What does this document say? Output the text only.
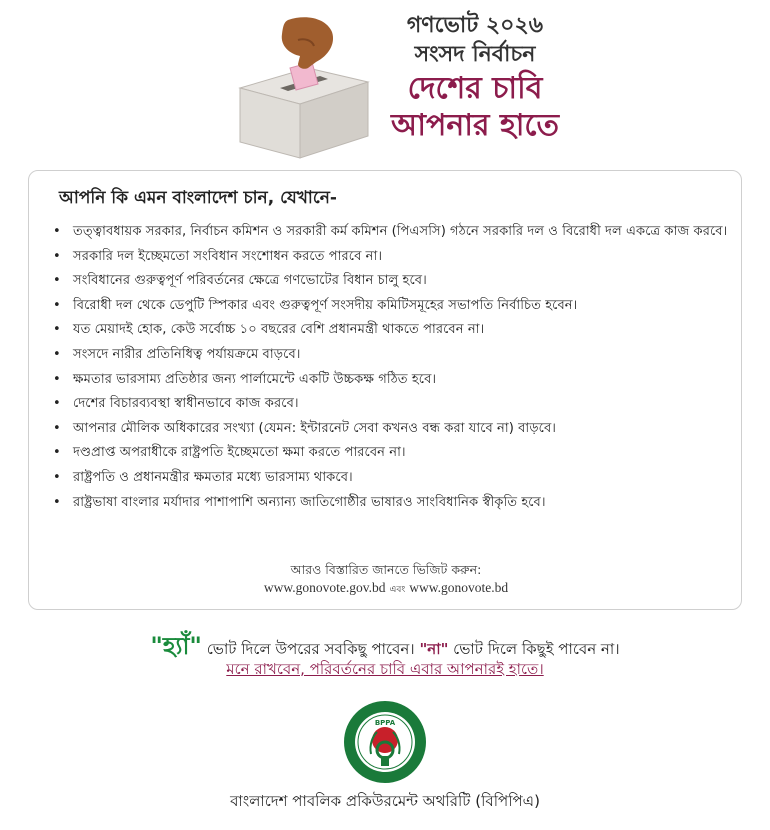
গণভোট ২০২৬
সংসদ নির্বাচন
দেশের চাবি
আপনার হাতে
আপনি কি এমন বাংলাদেশ চান, যেখানে-
• তত্ত্বাবধায়ক সরকার, নির্বাচন কমিশন ও সরকারী কর্ম কমিশন (পিএসসি) গঠনে সরকারি দল ও বিরোধী দল একত্রে কাজ করবে।
• সরকারি দল ইচ্ছেমতো সংবিধান সংশোধন করতে পারবে না।
• সংবিধানের গুরুত্বপূর্ণ পরিবর্তনের ক্ষেত্রে গণভোটের বিধান চালু হবে।
• বিরোধী দল থেকে ডেপুটি স্পিকার এবং গুরুত্বপূর্ণ সংসদীয় কমিটিসমূহের সভাপতি নির্বাচিত হবেন।
• যত মেয়াদই হোক, কেউ সর্বোচ্চ ১০ বছরের বেশি প্রধানমন্ত্রী থাকতে পারবেন না।
• সংসদে নারীর প্রতিনিধিত্ব পর্যায়ক্রমে বাড়বে।
• ক্ষমতার ভারসাম্য প্রতিষ্ঠার জন্য পার্লামেন্টে একটি উচ্চকক্ষ গঠিত হবে।
• দেশের বিচারব্যবস্থা স্বাধীনভাবে কাজ করবে।
• আপনার মৌলিক অধিকারের সংখ্যা (যেমন: ইন্টারনেট সেবা কখনও বন্ধ করা যাবে না) বাড়বে।
• দণ্ডপ্রাপ্ত অপরাধীকে রাষ্ট্রপতি ইচ্ছেমতো ক্ষমা করতে পারবেন না।
• রাষ্ট্রপতি ও প্রধানমন্ত্রীর ক্ষমতার মধ্যে ভারসাম্য থাকবে।
• রাষ্ট্রভাষা বাংলার মর্যাদার পাশাপাশি অন্যান্য জাতিগোষ্ঠীর ভাষারও সাংবিধানিক স্বীকৃতি হবে।
আরও বিস্তারিত জানতে ভিজিট করুন:
www.gonovote.gov.bd এবং www.gonovote.bd
"হ্যাঁ" ভোট দিলে উপরের সবকিছু পাবেন। "না" ভোট দিলে কিছুই পাবেন না।
মনে রাখবেন, পরিবর্তনের চাবি এবার আপনারই হাতে।
BPPA
বাংলাদেশ পাবলিক প্রকিউরমেন্ট অথরিটি (বিপিপিএ)
